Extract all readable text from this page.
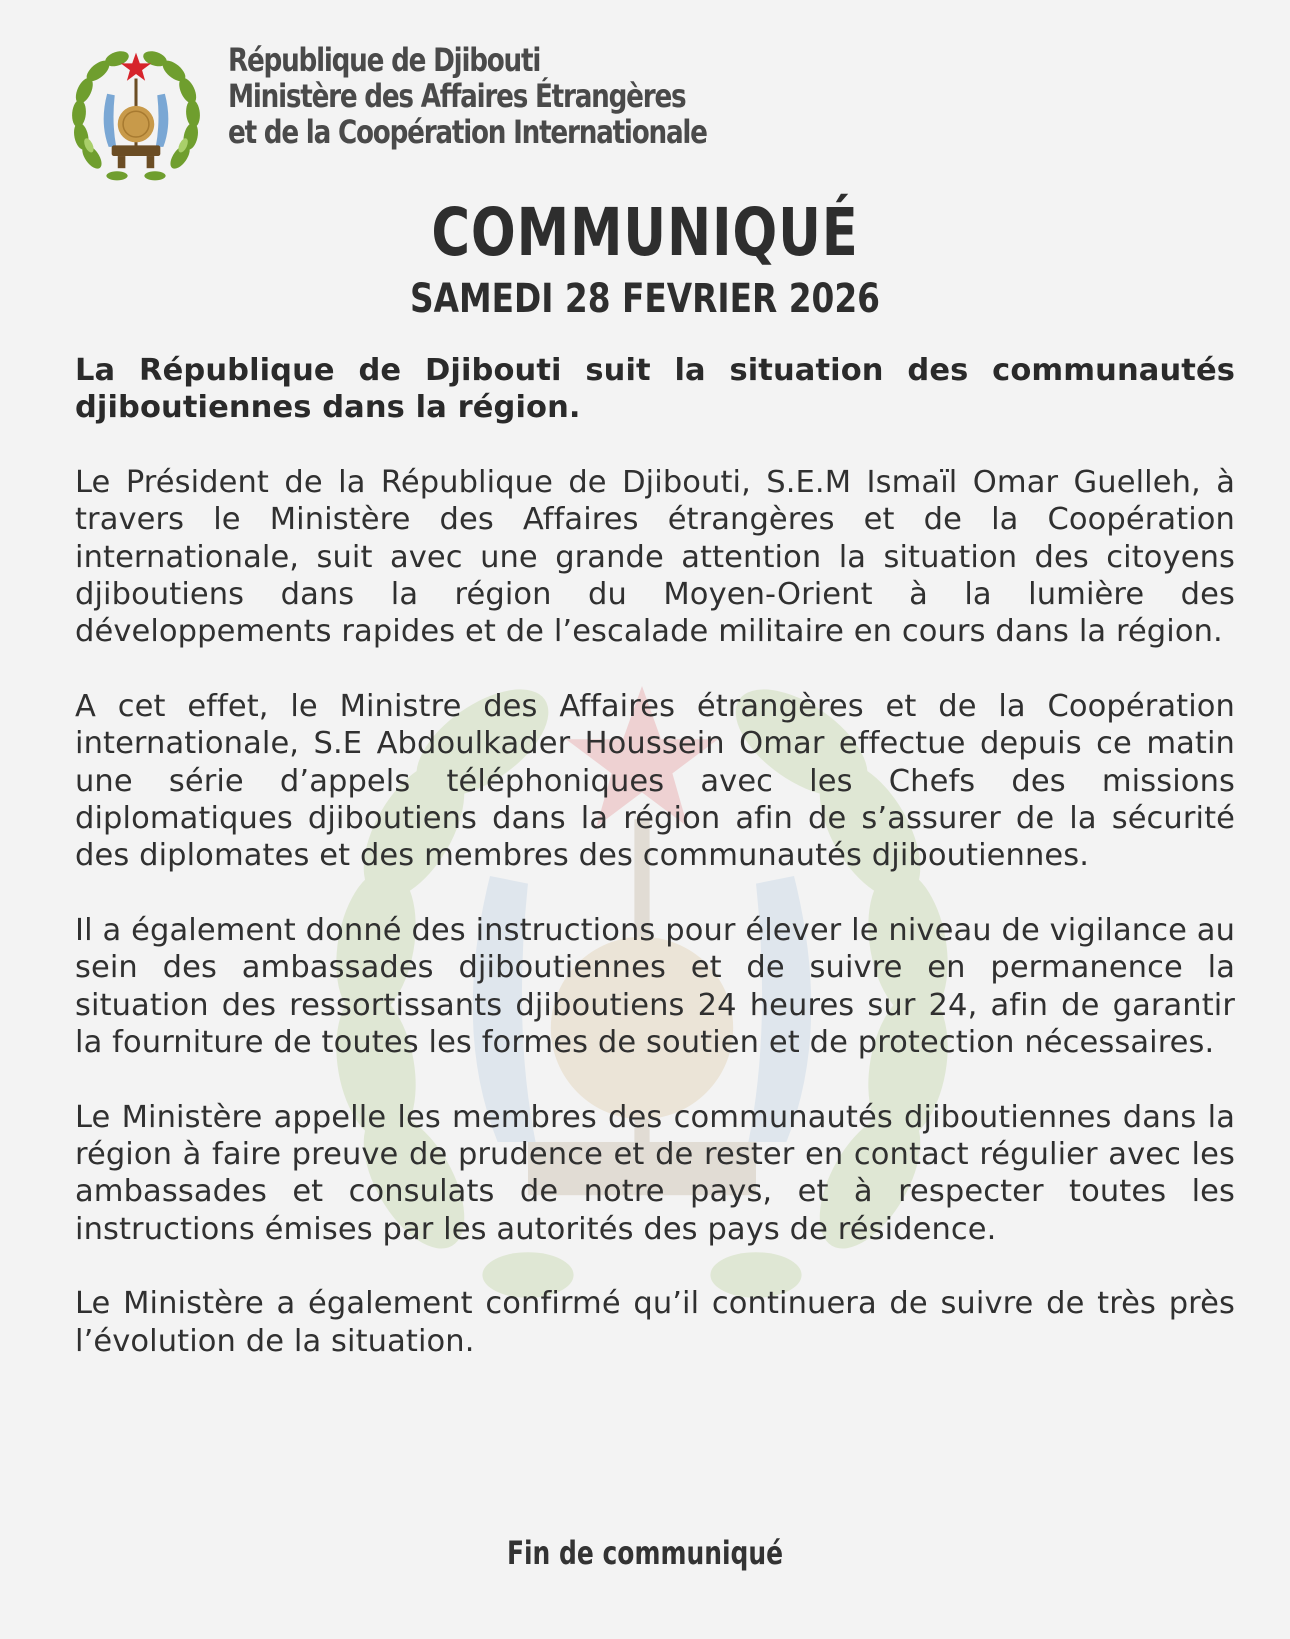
République de Djibouti
Ministère des Affaires Étrangères
et de la Coopération Internationale
COMMUNIQUÉ
SAMEDI 28 FEVRIER 2026

La République de Djibouti suit la situation des communautés djiboutiennes dans la région.

Le Président de la République de Djibouti, S.E.M Ismaïl Omar Guelleh, à travers le Ministère des Affaires étrangères et de la Coopération internationale, suit avec une grande attention la situation des citoyens djiboutiens dans la région du Moyen-Orient à la lumière des développements rapides et de l’escalade militaire en cours dans la région.

A cet effet, le Ministre des Affaires étrangères et de la Coopération internationale, S.E Abdoulkader Houssein Omar effectue depuis ce matin une série d’appels téléphoniques avec les Chefs des missions diplomatiques djiboutiens dans la région afin de s’assurer de la sécurité des diplomates et des membres des communautés djiboutiennes.

Il a également donné des instructions pour élever le niveau de vigilance au sein des ambassades djiboutiennes et de suivre en permanence la situation des ressortissants djiboutiens 24 heures sur 24, afin de garantir la fourniture de toutes les formes de soutien et de protection nécessaires.

Le Ministère appelle les membres des communautés djiboutiennes dans la région à faire preuve de prudence et de rester en contact régulier avec les ambassades et consulats de notre pays, et à respecter toutes les instructions émises par les autorités des pays de résidence.

Le Ministère a également confirmé qu’il continuera de suivre de très près l’évolution de la situation.

Fin de communiqué
